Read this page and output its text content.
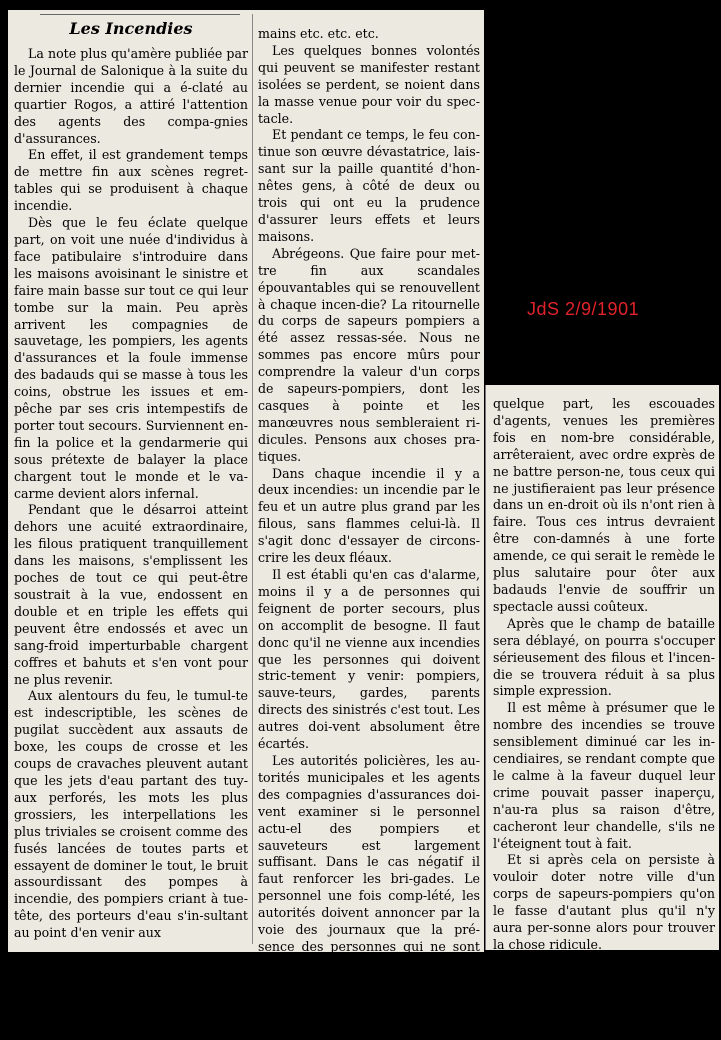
Les Incendies

La note plus qu'amère publiée par le Journal de Salonique à la suite du dernier incendie qui a é-claté au quartier Rogos, a attiré l'attention des agents des compa-gnies d'assurances.

En effet, il est grandement temps de mettre fin aux scènes regret-tables qui se produisent à chaque incendie.

Dès que le feu éclate quelque part, on voit une nuée d'individus à face patibulaire s'introduire dans les maisons avoisinant le sinistre et faire main basse sur tout ce qui leur tombe sur la main. Peu après arrivent les compagnies de sauvetage, les pompiers, les agents d'assurances et la foule immense des badauds qui se masse à tous les coins, obstrue les issues et em-pêche par ses cris intempestifs de porter tout secours. Surviennent en-fin la police et la gendarmerie qui sous prétexte de balayer la place chargent tout le monde et le va-carme devient alors infernal.

Pendant que le désarroi atteint dehors une acuité extraordinaire, les filous pratiquent tranquillement dans les maisons, s'emplissent les poches de tout ce qui peut-être soustrait à la vue, endossent en double et en triple les effets qui peuvent être endossés et avec un sang-froid imperturbable chargent coffres et bahuts et s'en vont pour ne plus revenir.

Aux alentours du feu, le tumul-te est indescriptible, les scènes de pugilat succèdent aux assauts de boxe, les coups de crosse et les coups de cravaches pleuvent autant que les jets d'eau partant des tuy-aux perforés, les mots les plus grossiers, les interpellations les plus triviales se croisent comme des fusés lancées de toutes parts et essayent de dominer le tout, le bruit assourdissant des pompes à incendie, des pompiers criant à tue-tête, des porteurs d'eau s'in-sultant au point d'en venir aux

mains etc. etc. etc.

Les quelques bonnes volontés qui peuvent se manifester restant isolées se perdent, se noient dans la masse venue pour voir du spec-tacle.

Et pendant ce temps, le feu con-tinue son œuvre dévastatrice, lais-sant sur la paille quantité d'hon-nêtes gens, à côté de deux ou trois qui ont eu la prudence d'assurer leurs effets et leurs maisons.

Abrégeons. Que faire pour met-tre fin aux scandales épouvantables qui se renouvellent à chaque incen-die? La ritournelle du corps de sapeurs pompiers a été assez ressas-sée. Nous ne sommes pas encore mûrs pour comprendre la valeur d'un corps de sapeurs-pompiers, dont les casques à pointe et les manœuvres nous sembleraient ri-dicules. Pensons aux choses pra-tiques.

Dans chaque incendie il y a deux incendies: un incendie par le feu et un autre plus grand par les filous, sans flammes celui-là. Il s'agit donc d'essayer de circons-crire les deux fléaux.

Il est établi qu'en cas d'alarme, moins il y a de personnes qui feignent de porter secours, plus on accomplit de besogne. Il faut donc qu'il ne vienne aux incendies que les personnes qui doivent stric-tement y venir: pompiers, sauve-teurs, gardes, parents directs des sinistrés c'est tout. Les autres doi-vent absolument être écartés.

Les autorités policières, les au-torités municipales et les agents des compagnies d'assurances doi-vent examiner si le personnel actu-el des pompiers et sauveteurs est largement suffisant. Dans le cas négatif il faut renforcer les bri-gades. Le personnel une fois comp-lété, les autorités doivent annoncer par la voie des journaux que la pré-sence des personnes qui ne sont pas directement et personnellement inté-ressées dans un incendie ne se-ra pas tolérée sur les lieux du sinistre. Dès que le feu éclaterait

quelque part, les escouades d'agents, venues les premières fois en nom-bre considérable, arrêteraient, avec ordre exprès de ne battre person-ne, tous ceux qui ne justifieraient pas leur présence dans un en-droit où ils n'ont rien à faire. Tous ces intrus devraient être con-damnés à une forte amende, ce qui serait le remède le plus salutaire pour ôter aux badauds l'envie de souffrir un spectacle aussi coûteux.

Après que le champ de bataille sera déblayé, on pourra s'occuper sérieusement des filous et l'incen-die se trouvera réduit à sa plus simple expression.

Il est même à présumer que le nombre des incendies se trouve sensiblement diminué car les in-cendiaires, se rendant compte que le calme à la faveur duquel leur crime pouvait passer inaperçu, n'au-ra plus sa raison d'être, cacheront leur chandelle, s'ils ne l'éteignent tout à fait.

Et si après cela on persiste à vouloir doter notre ville d'un corps de sapeurs-pompiers qu'on le fasse d'autant plus qu'il n'y aura per-sonne alors pour trouver la chose ridicule.

Urbain

JdS 2/9/1901
